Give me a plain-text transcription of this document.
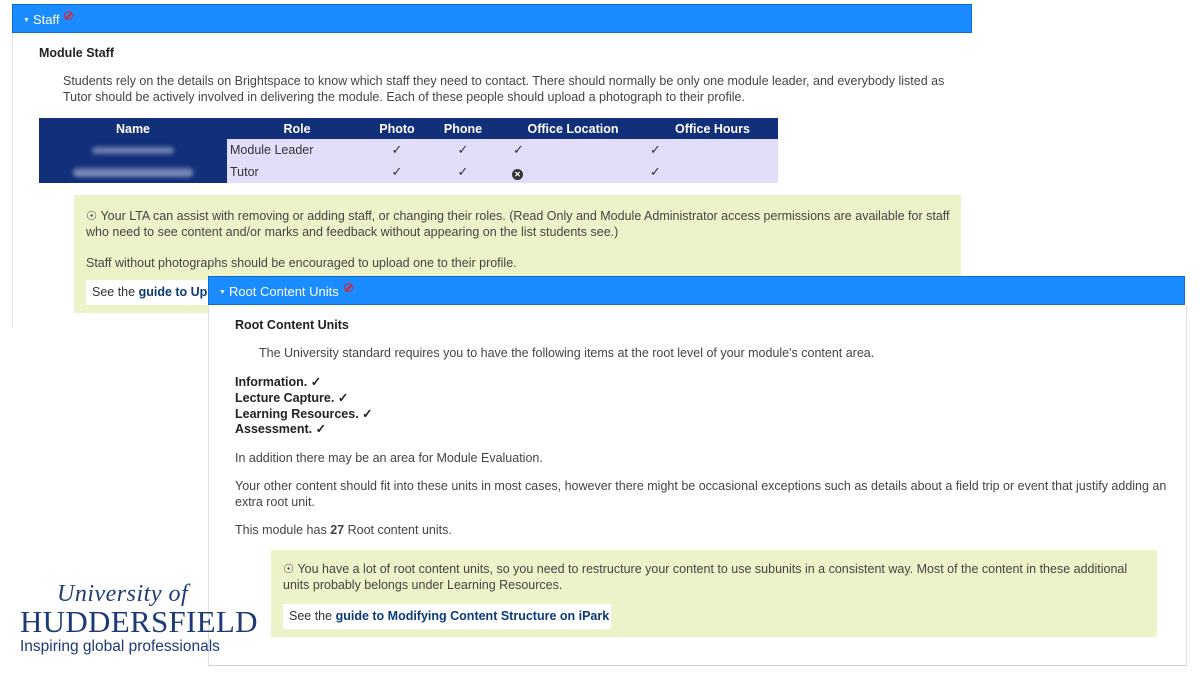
▼ Staff
Module Staff
Students rely on the details on Brightspace to know which staff they need to contact. There should normally be only one module leader, and everybody listed as Tutor should be actively involved in delivering the module. Each of these people should upload a photograph to their profile.
Name	Role	Photo	Phone	Office Location	Office Hours
	Module Leader	✓	✓	✓	✓
	Tutor	✓	✓	✕	✓
☉ Your LTA can assist with removing or adding staff, or changing their roles. (Read Only and Module Administrator access permissions are available for staff who need to see content and/or marks and feedback without appearing on the list students see.)
Staff without photographs should be encouraged to upload one to their profile.
See the guide to Up	▼ Root Content Units
Root Content Units
The University standard requires you to have the following items at the root level of your module's content area.
Information. ✓
Lecture Capture. ✓
Learning Resources. ✓
Assessment. ✓
In addition there may be an area for Module Evaluation.
Your other content should fit into these units in most cases, however there might be occasional exceptions such as details about a field trip or event that justify adding an extra root unit.
This module has 27 Root content units.
☉ You have a lot of root content units, so you need to restructure your content to use subunits in a consistent way. Most of the content in these additional units probably belongs under Learning Resources.
See the guide to Modifying Content Structure on iPark
University of
HUDDERSFIELD
Inspiring global professionals
